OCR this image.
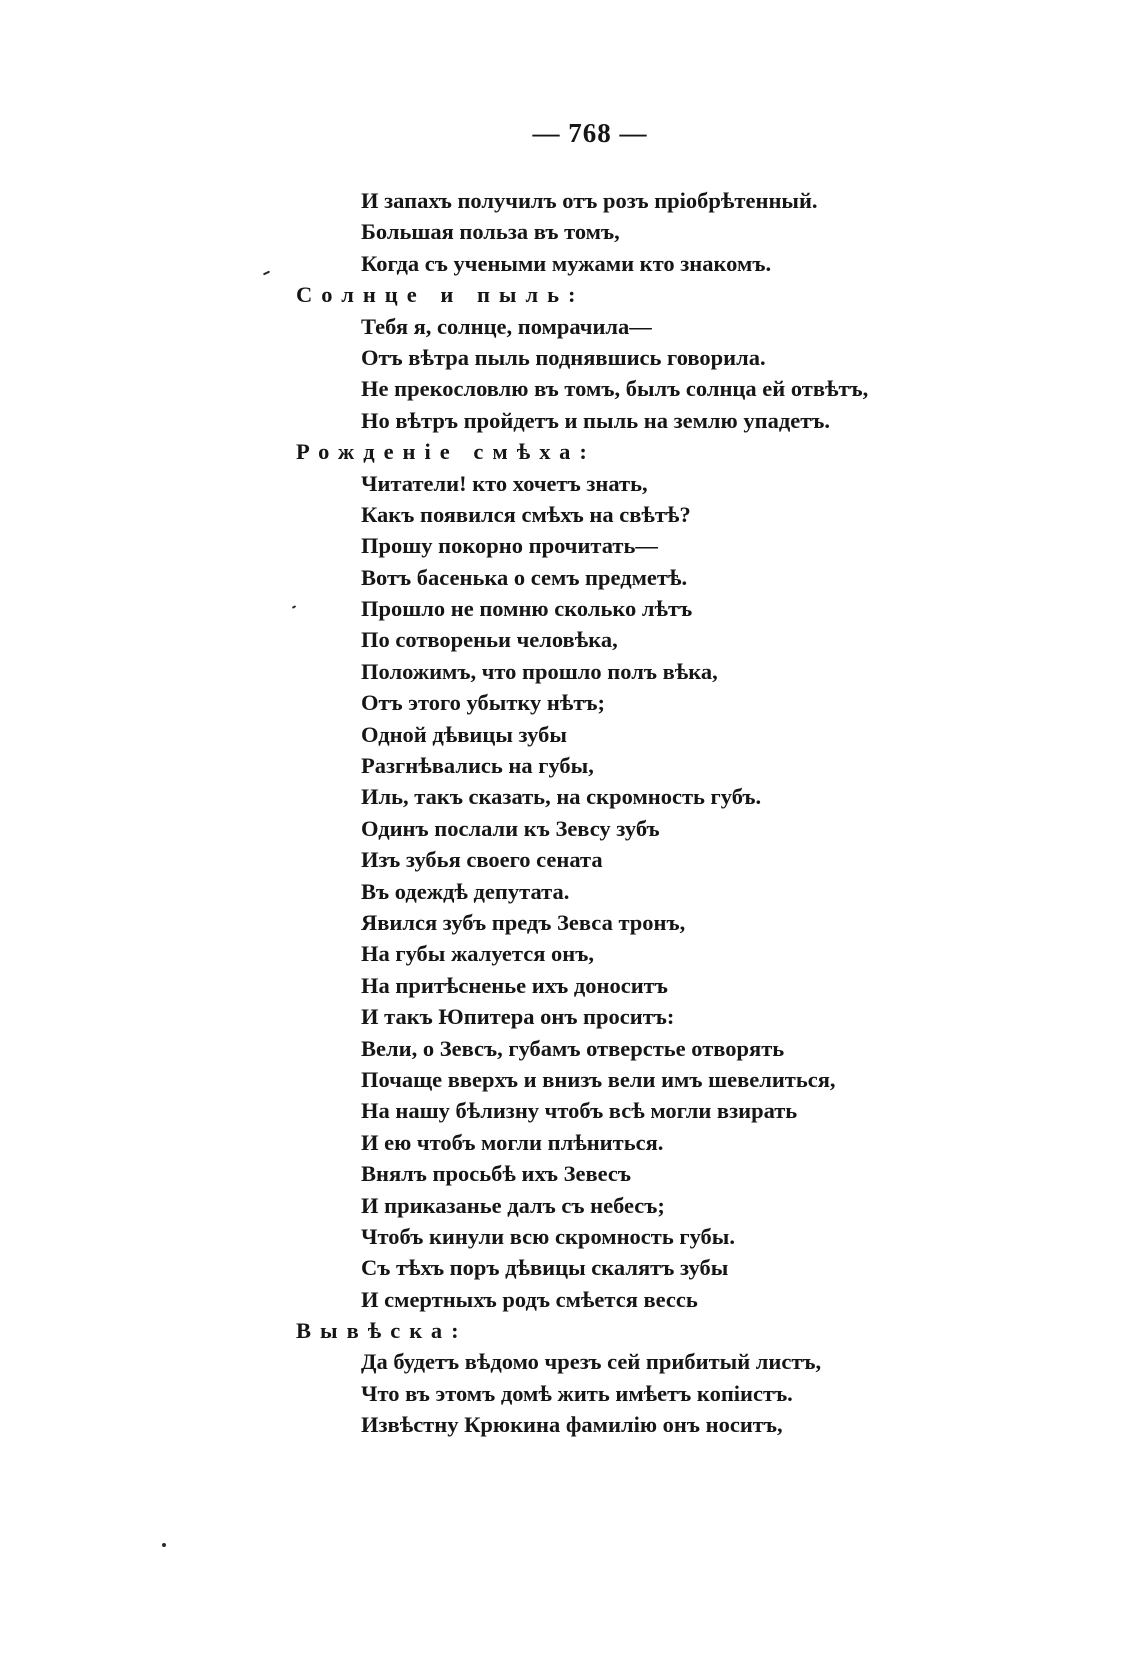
— 768 —
И запахъ получилъ отъ розъ пріобрѣтенный.
Большая польза въ томъ,
Когда съ учеными мужами кто знакомъ.
Солнце и пыль:
Тебя я, солнце, помрачила—
Отъ вѣтра пыль поднявшись говорила.
Не прекословлю въ томъ, былъ солнца ей отвѣтъ,
Но вѣтръ пройдетъ и пыль на землю упадетъ.
Рожденіе смѣха:
Читатели! кто хочетъ знать,
Какъ появился смѣхъ на свѣтѣ?
Прошу покорно прочитать—
Вотъ басенька о семъ предметѣ.
Прошло не помню сколько лѣтъ
По сотвореньи человѣка,
Положимъ, что прошло полъ вѣка,
Отъ этого убытку нѣтъ;
Одной дѣвицы зубы
Разгнѣвались на губы,
Иль, такъ сказать, на скромность губъ.
Одинъ послали къ Зевсу зубъ
Изъ зубья своего сената
Въ одеждѣ депутата.
Явился зубъ предъ Зевса тронъ,
На губы жалуется онъ,
На притѣсненье ихъ доноситъ
И такъ Юпитера онъ проситъ:
Вели, о Зевсъ, губамъ отверстье отворять
Почаще вверхъ и внизъ вели имъ шевелиться,
На нашу бѣлизну чтобъ всѣ могли взирать
И ею чтобъ могли плѣниться.
Внялъ просьбѣ ихъ Зевесъ
И приказанье далъ съ небесъ;
Чтобъ кинули всю скромность губы.
Съ тѣхъ поръ дѣвицы скалятъ зубы
И смертныхъ родъ смѣется вессь
Вывѣска:
Да будетъ вѣдомо чрезъ сей прибитый листъ,
Что въ этомъ домѣ жить имѣетъ копіистъ.
Извѣстну Крюкина фамилію онъ носитъ,
